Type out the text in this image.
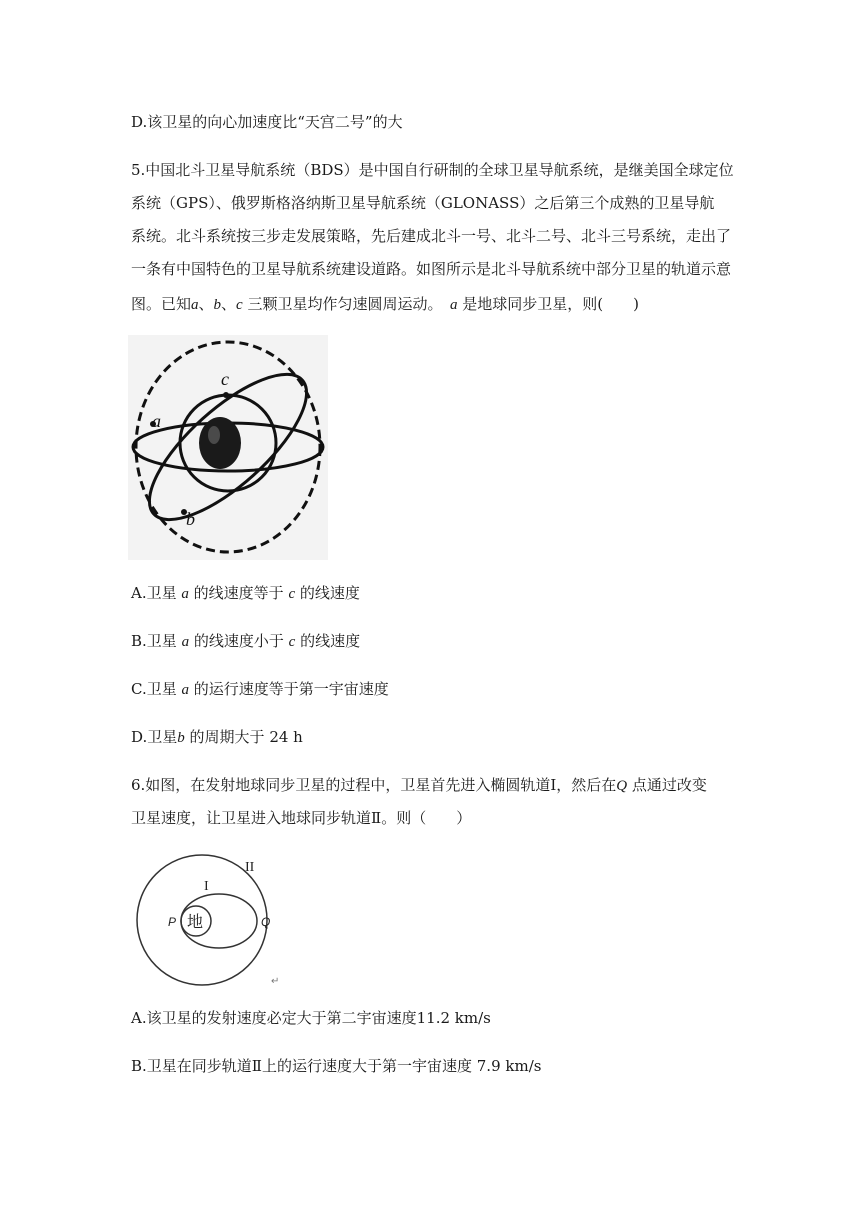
D.该卫星的向心加速度比“天宫二号”的大
5.中国北斗卫星导航系统（BDS）是中国自行研制的全球卫星导航系统，是继美国全球定位
系统（GPS）、俄罗斯格洛纳斯卫星导航系统（GLONASS）之后第三个成熟的卫星导航
系统。北斗系统按三步走发展策略，先后建成北斗一号、北斗二号、北斗三号系统，走出了
一条有中国特色的卫星导航系统建设道路。如图所示是北斗导航系统中部分卫星的轨道示意
图。已知a、b、c 三颗卫星均作匀速圆周运动。　 a 是地球同步卫星，则(　　)
c
a
b
A.卫星 a 的线速度等于 c 的线速度
B.卫星 a 的线速度小于 c 的线速度
C.卫星 a 的运行速度等于第一宇宙速度
D.卫星b 的周期大于 24 h
6.如图，在发射地球同步卫星的过程中，卫星首先进入椭圆轨道Ⅰ，然后在Q 点通过改变
卫星速度，让卫星进入地球同步轨道Ⅱ。则（　　）
地
I
II
P	Q
↵
A.该卫星的发射速度必定大于第二宇宙速度11.2 km/s
B.卫星在同步轨道Ⅱ上的运行速度大于第一宇宙速度 7.9 km/s
